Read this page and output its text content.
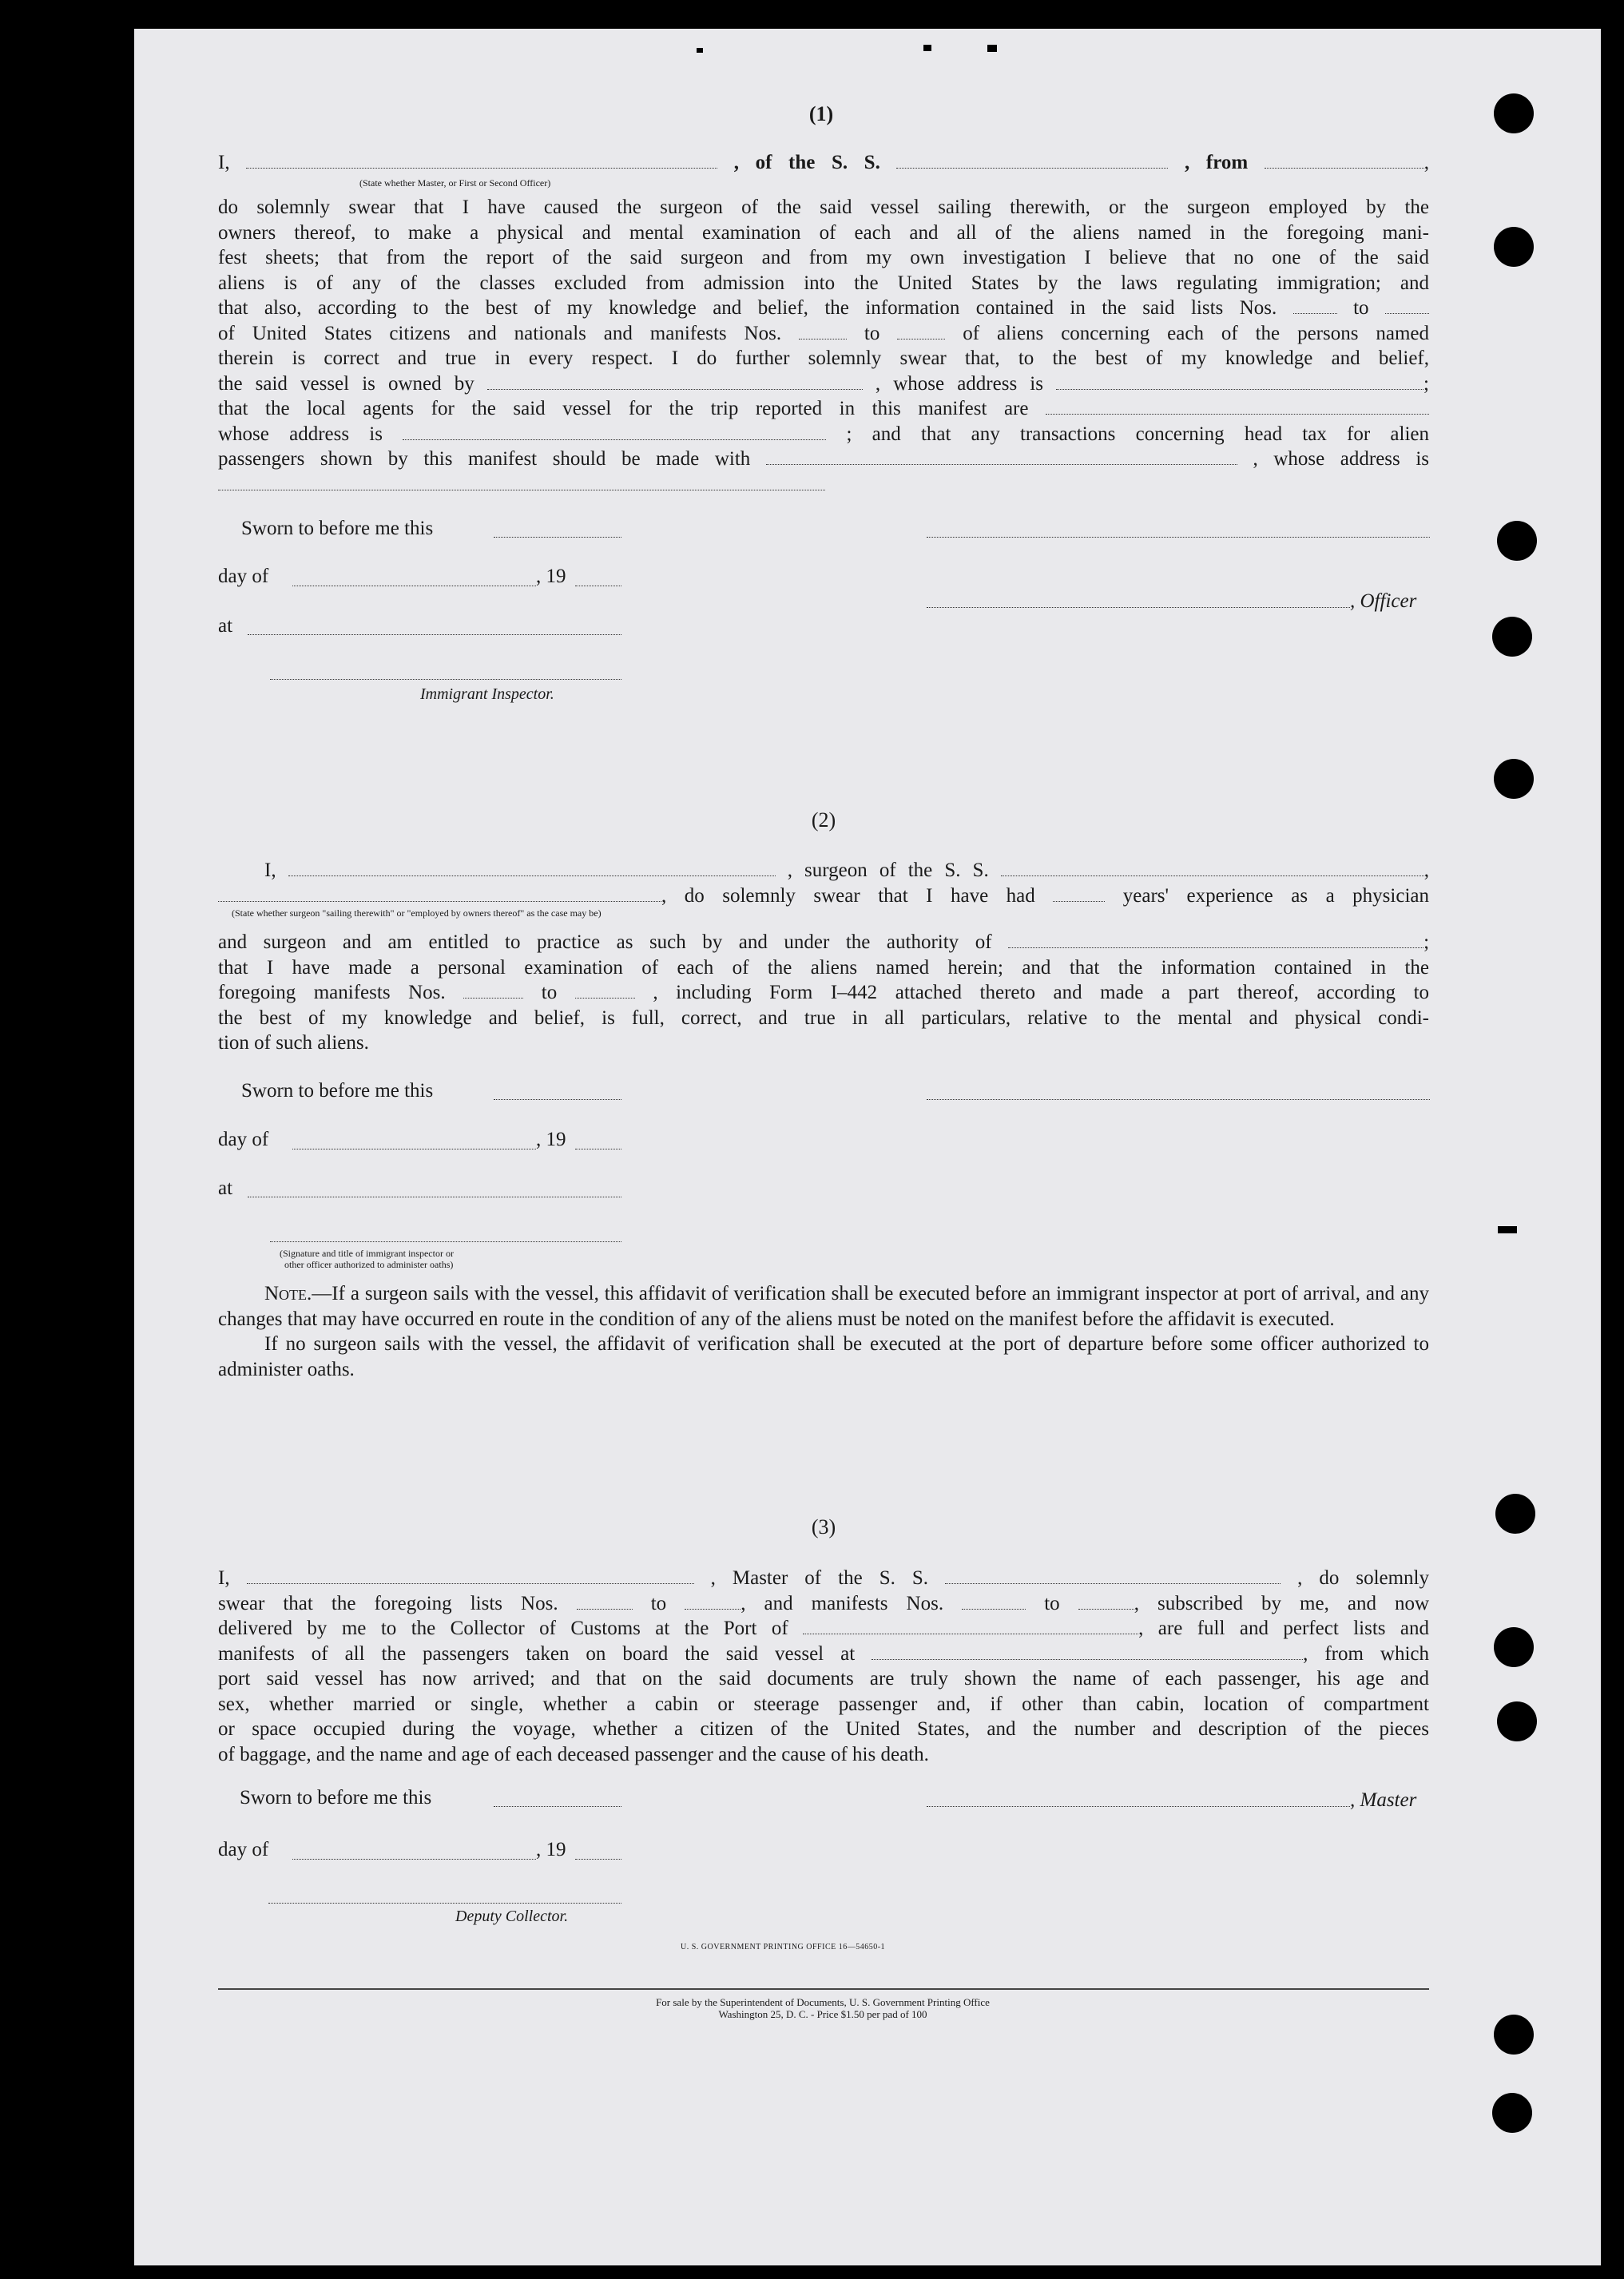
(1)
I,	, of the S. S.	, from	,
(State whether Master, or First or Second Officer)
do solemnly swear that I have caused the surgeon of the said vessel sailing therewith, or the surgeon employed by the
owners thereof, to make a physical and mental examination of each and all of the aliens named in the foregoing mani-
fest sheets; that from the report of the said surgeon and from my own investigation I believe that no one of the said
aliens is of any of the classes excluded from admission into the United States by the laws regulating immigration; and
that also, according to the best of my knowledge and belief, the information contained in the said lists Nos.	to
of United States citizens and nationals and manifests Nos.	to	of aliens concerning each of the persons named
therein is correct and true in every respect. I do further solemnly swear that, to the best of my knowledge and belief,
the said vessel is owned by	, whose address is	;
that the local agents for the said vessel for the trip reported in this manifest are
whose address is	; and that any transactions concerning head tax for alien
passengers shown by this manifest should be made with	, whose address is
Sworn to before me this
day of	, 19
, Officer
at
Immigrant Inspector.
(2)
I,	, surgeon of the S. S.	,
, do solemnly swear that I have had	years' experience as a physician
(State whether surgeon "sailing therewith" or "employed by owners thereof" as the case may be)
and surgeon and am entitled to practice as such by and under the authority of	;
that I have made a personal examination of each of the aliens named herein; and that the information contained in the
foregoing manifests Nos.	to	, including Form I–442 attached thereto and made a part thereof, according to
the best of my knowledge and belief, is full, correct, and true in all particulars, relative to the mental and physical condi-
tion of such aliens.
Sworn to before me this
day of	, 19
at
(Signature and title of immigrant inspector or
other officer authorized to administer oaths)
Note.—If a surgeon sails with the vessel, this affidavit of verification shall be executed before an immigrant inspector at port of arrival, and any changes that may have occurred en route in the condition of any of the aliens must be noted on the manifest before the affidavit is executed.
If no surgeon sails with the vessel, the affidavit of verification shall be executed at the port of departure before some officer authorized to administer oaths.
(3)
I,	, Master of the S. S.	, do solemnly
swear that the foregoing lists Nos.	to	, and manifests Nos.	to	, subscribed by me, and now
delivered by me to the Collector of Customs at the Port of	, are full and perfect lists and
manifests of all the passengers taken on board the said vessel at	, from which
port said vessel has now arrived; and that on the said documents are truly shown the name of each passenger, his age and
sex, whether married or single, whether a cabin or steerage passenger and, if other than cabin, location of compartment
or space occupied during the voyage, whether a citizen of the United States, and the number and description of the pieces
of baggage, and the name and age of each deceased passenger and the cause of his death.
Sworn to before me this	, Master
day of	, 19
Deputy Collector.
U. S. GOVERNMENT PRINTING OFFICE 16—54650-1
For sale by the Superintendent of Documents, U. S. Government Printing Office
Washington 25, D. C. - Price $1.50 per pad of 100
